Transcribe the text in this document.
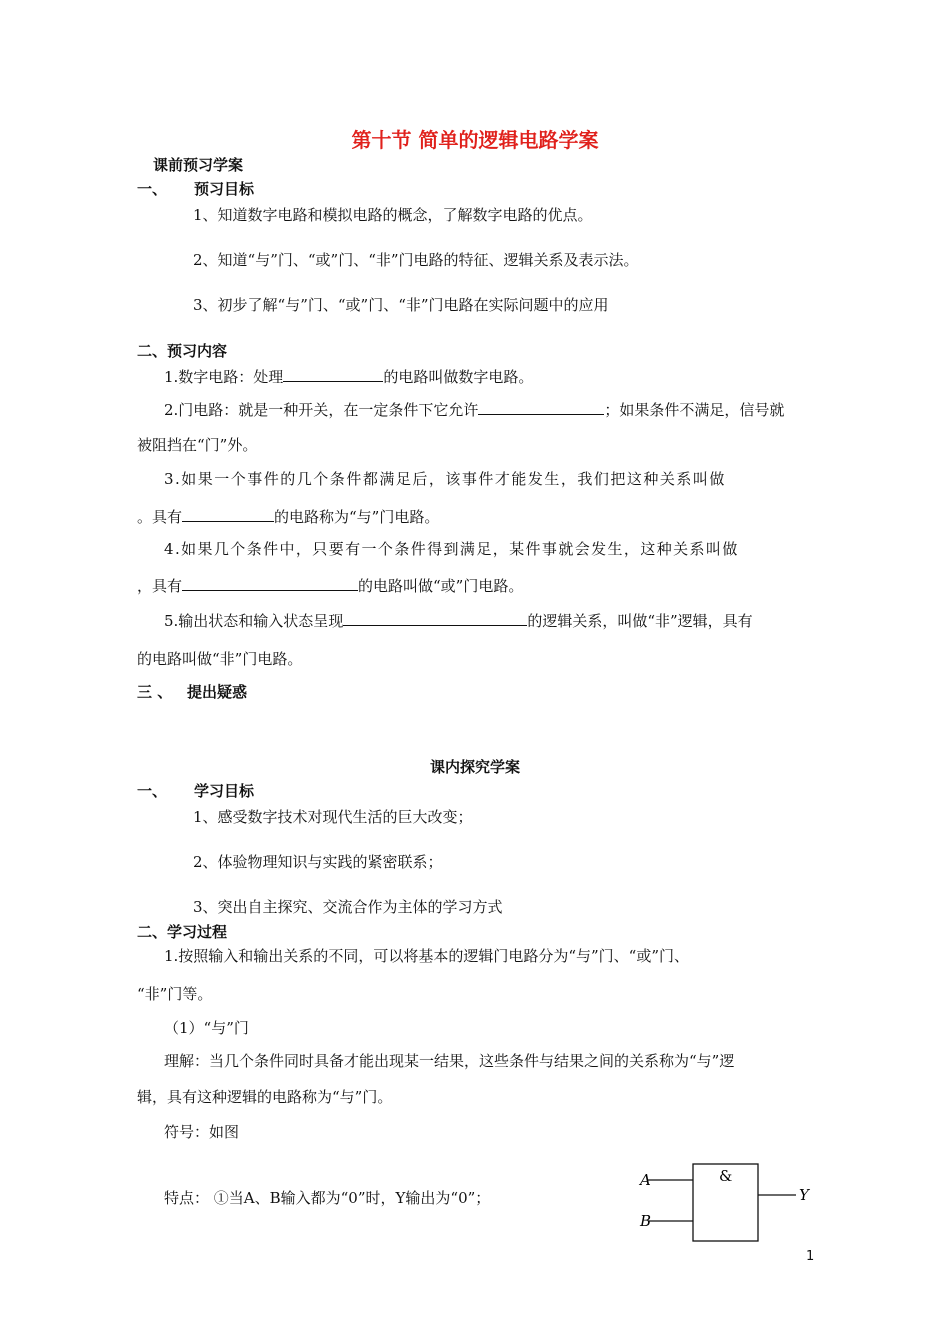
第十节 简单的逻辑电路学案
课前预习学案
一、 预习目标
1、知道数字电路和模拟电路的概念，了解数字电路的优点。
2、知道“与”门、“或”门、“非”门电路的特征、逻辑关系及表示法。
3、初步了解“与”门、“或”门、“非”门电路在实际问题中的应用
二、预习内容
1.数字电路：处理	的电路叫做数字电路。
2.门电路：就是一种开关，在一定条件下它允许	；如果条件不满足，信号就
被阻挡在“门”外。
3.如果一个事件的几个条件都满足后，该事件才能发生，我们把这种关系叫做
。具有	的电路称为“与”门电路。
4.如果几个条件中，只要有一个条件得到满足，某件事就会发生，这种关系叫做
，具有	的电路叫做“或”门电路。
5.输出状态和输入状态呈现	的逻辑关系，叫做“非”逻辑，具有
的电路叫做“非”门电路。
三 、 提出疑惑
课内探究学案
一、 学习目标
1、感受数字技术对现代生活的巨大改变；
2、体验物理知识与实践的紧密联系；
3、突出自主探究、交流合作为主体的学习方式
二、学习过程
1.按照输入和输出关系的不同，可以将基本的逻辑门电路分为“与”门、“或”门、
“非”门等。
（1）“与”门
理解：当几个条件同时具备才能出现某一结果，这些条件与结果之间的关系称为“与”逻
辑，具有这种逻辑的电路称为“与”门。
符号：如图
特点： ①当A、B输入都为“0”时，Y输出为“0”；
A
B
&
Y
1
